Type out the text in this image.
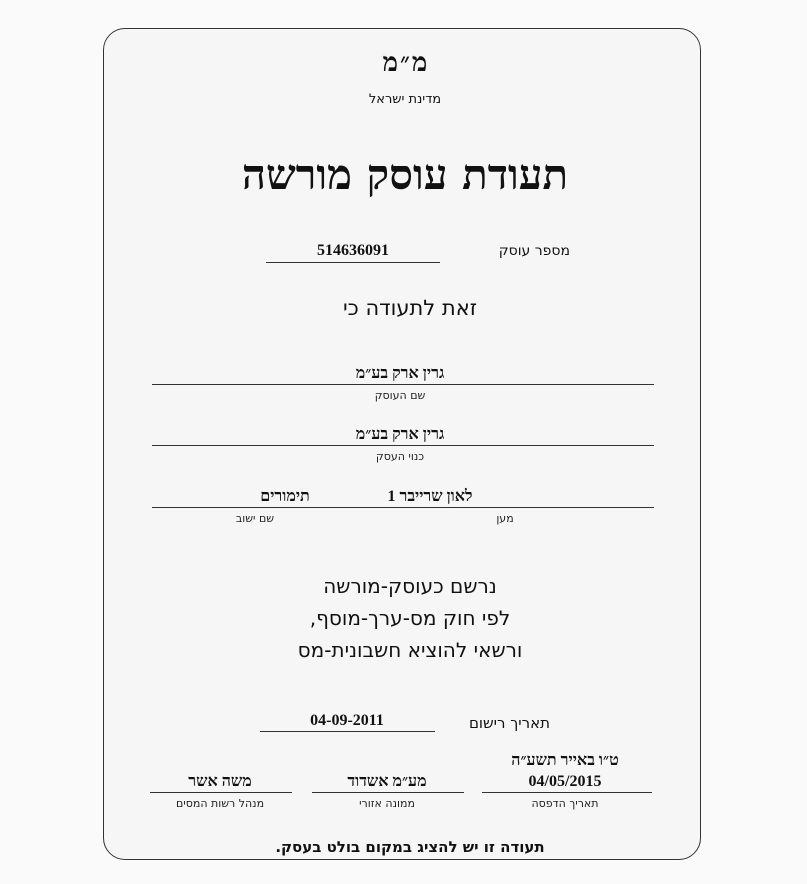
מ״מ
מדינת ישראל
תעודת עוסק מורשה
מספר עוסק
514636091
זאת לתעודה כי
גרין ארק בע״מ
שם העוסק
גרין ארק בע״מ
כנוי העסק
לאון שרייבר 1
תימורים
מען
שם ישוב
נרשם כעוסק-מורשה
לפי חוק מס-ערך-מוסף,
ורשאי להוציא חשבונית-מס
תאריך רישום
04-09-2011
ט״ו באייר תשע״ה
04/05/2015
מע״מ אשדוד
משה אשר
תאריך הדפסה
ממונה אזורי
מנהל רשות המסים
תעודה זו יש להציג במקום בולט בעסק.
